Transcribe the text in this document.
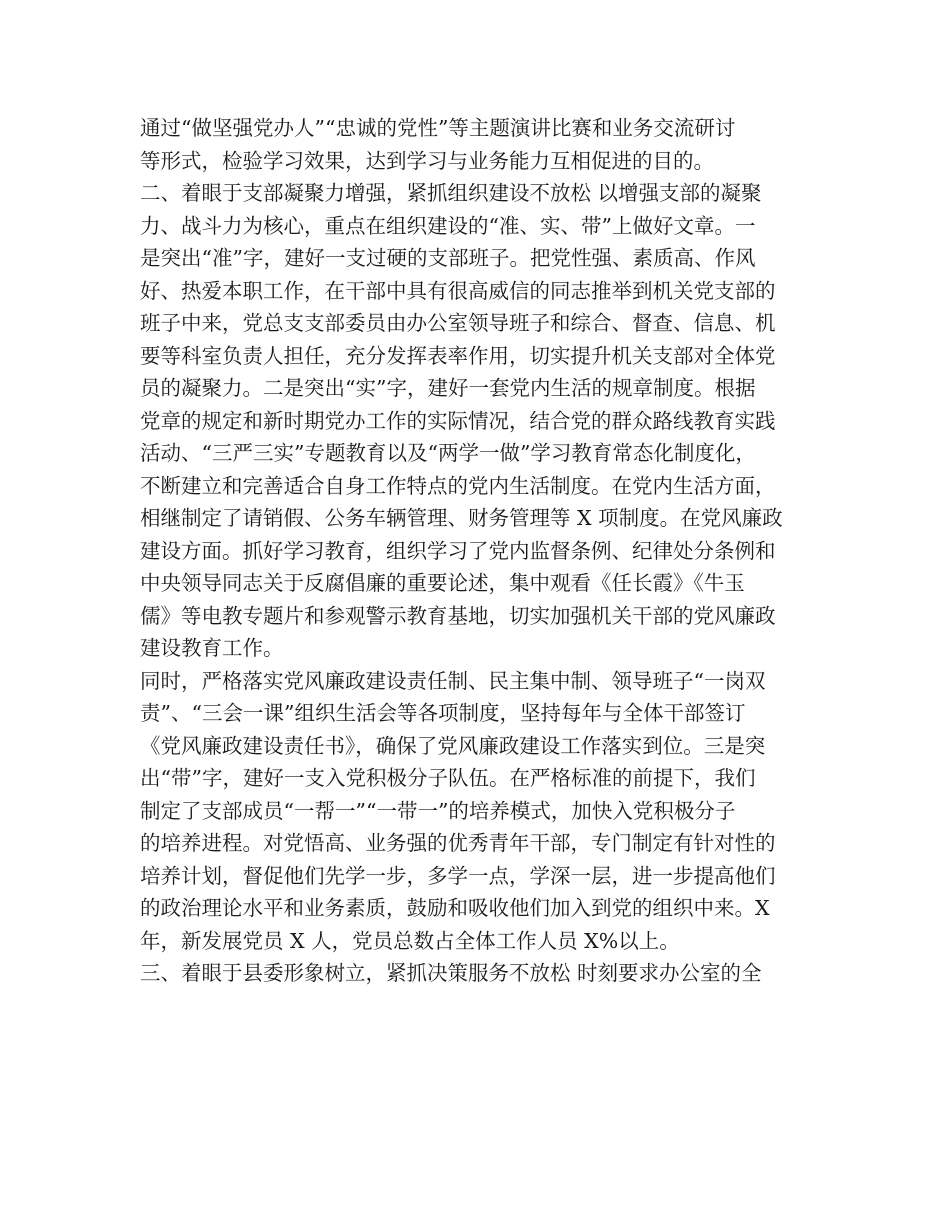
通过“做坚强党办人”“忠诚的党性”等主题演讲比赛和业务交流研讨
等形式，检验学习效果，达到学习与业务能力互相促进的目的。
二、着眼于支部凝聚力增强，紧抓组织建设不放松 以增强支部的凝聚
力、战斗力为核心，重点在组织建设的“准、实、带”上做好文章。一
是突出“准”字，建好一支过硬的支部班子。把党性强、素质高、作风
好、热爱本职工作，在干部中具有很高威信的同志推举到机关党支部的
班子中来，党总支支部委员由办公室领导班子和综合、督查、信息、机
要等科室负责人担任，充分发挥表率作用，切实提升机关支部对全体党
员的凝聚力。二是突出“实”字，建好一套党内生活的规章制度。根据
党章的规定和新时期党办工作的实际情况，结合党的群众路线教育实践
活动、“三严三实”专题教育以及“两学一做”学习教育常态化制度化，
不断建立和完善适合自身工作特点的党内生活制度。在党内生活方面，
相继制定了请销假、公务车辆管理、财务管理等 X 项制度。在党风廉政
建设方面。抓好学习教育，组织学习了党内监督条例、纪律处分条例和
中央领导同志关于反腐倡廉的重要论述，集中观看《任长霞》《牛玉
儒》等电教专题片和参观警示教育基地，切实加强机关干部的党风廉政
建设教育工作。
同时，严格落实党风廉政建设责任制、民主集中制、领导班子“一岗双
责”、“三会一课”组织生活会等各项制度，坚持每年与全体干部签订
《党风廉政建设责任书》，确保了党风廉政建设工作落实到位。三是突
出“带”字，建好一支入党积极分子队伍。在严格标准的前提下，我们
制定了支部成员“一帮一”“一带一”的培养模式，加快入党积极分子
的培养进程。对党悟高、业务强的优秀青年干部，专门制定有针对性的
培养计划，督促他们先学一步，多学一点，学深一层，进一步提高他们
的政治理论水平和业务素质，鼓励和吸收他们加入到党的组织中来。X
年，新发展党员 X 人，党员总数占全体工作人员 X%以上。
三、着眼于县委形象树立，紧抓决策服务不放松 时刻要求办公室的全
